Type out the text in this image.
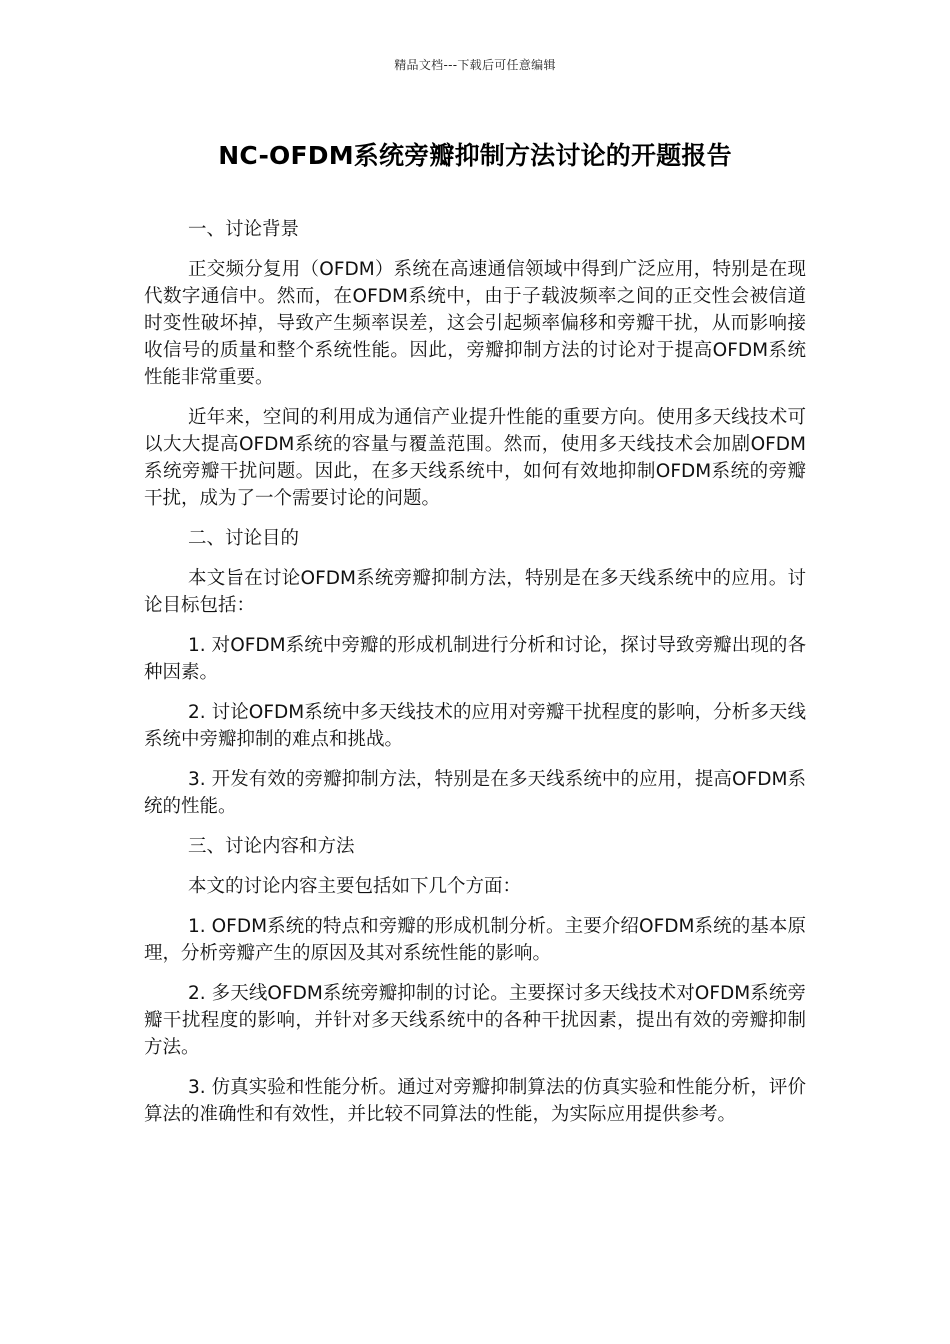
精品文档---下载后可任意编辑
NC-OFDM系统旁瓣抑制方法讨论的开题报告

一、讨论背景

正交频分复用（OFDM）系统在高速通信领域中得到广泛应用，特别是在现代数字通信中。然而，在OFDM系统中，由于子载波频率之间的正交性会被信道时变性破坏掉，导致产生频率误差，这会引起频率偏移和旁瓣干扰，从而影响接收信号的质量和整个系统性能。因此，旁瓣抑制方法的讨论对于提高OFDM系统性能非常重要。

近年来，空间的利用成为通信产业提升性能的重要方向。使用多天线技术可以大大提高OFDM系统的容量与覆盖范围。然而，使用多天线技术会加剧OFDM系统旁瓣干扰问题。因此，在多天线系统中，如何有效地抑制OFDM系统的旁瓣干扰，成为了一个需要讨论的问题。

二、讨论目的

本文旨在讨论OFDM系统旁瓣抑制方法，特别是在多天线系统中的应用。讨论目标包括：

1. 对OFDM系统中旁瓣的形成机制进行分析和讨论，探讨导致旁瓣出现的各种因素。

2. 讨论OFDM系统中多天线技术的应用对旁瓣干扰程度的影响，分析多天线系统中旁瓣抑制的难点和挑战。

3. 开发有效的旁瓣抑制方法，特别是在多天线系统中的应用，提高OFDM系统的性能。

三、讨论内容和方法

本文的讨论内容主要包括如下几个方面：

1. OFDM系统的特点和旁瓣的形成机制分析。主要介绍OFDM系统的基本原理，分析旁瓣产生的原因及其对系统性能的影响。

2. 多天线OFDM系统旁瓣抑制的讨论。主要探讨多天线技术对OFDM系统旁瓣干扰程度的影响，并针对多天线系统中的各种干扰因素，提出有效的旁瓣抑制方法。

3. 仿真实验和性能分析。通过对旁瓣抑制算法的仿真实验和性能分析，评价算法的准确性和有效性，并比较不同算法的性能，为实际应用提供参考。
